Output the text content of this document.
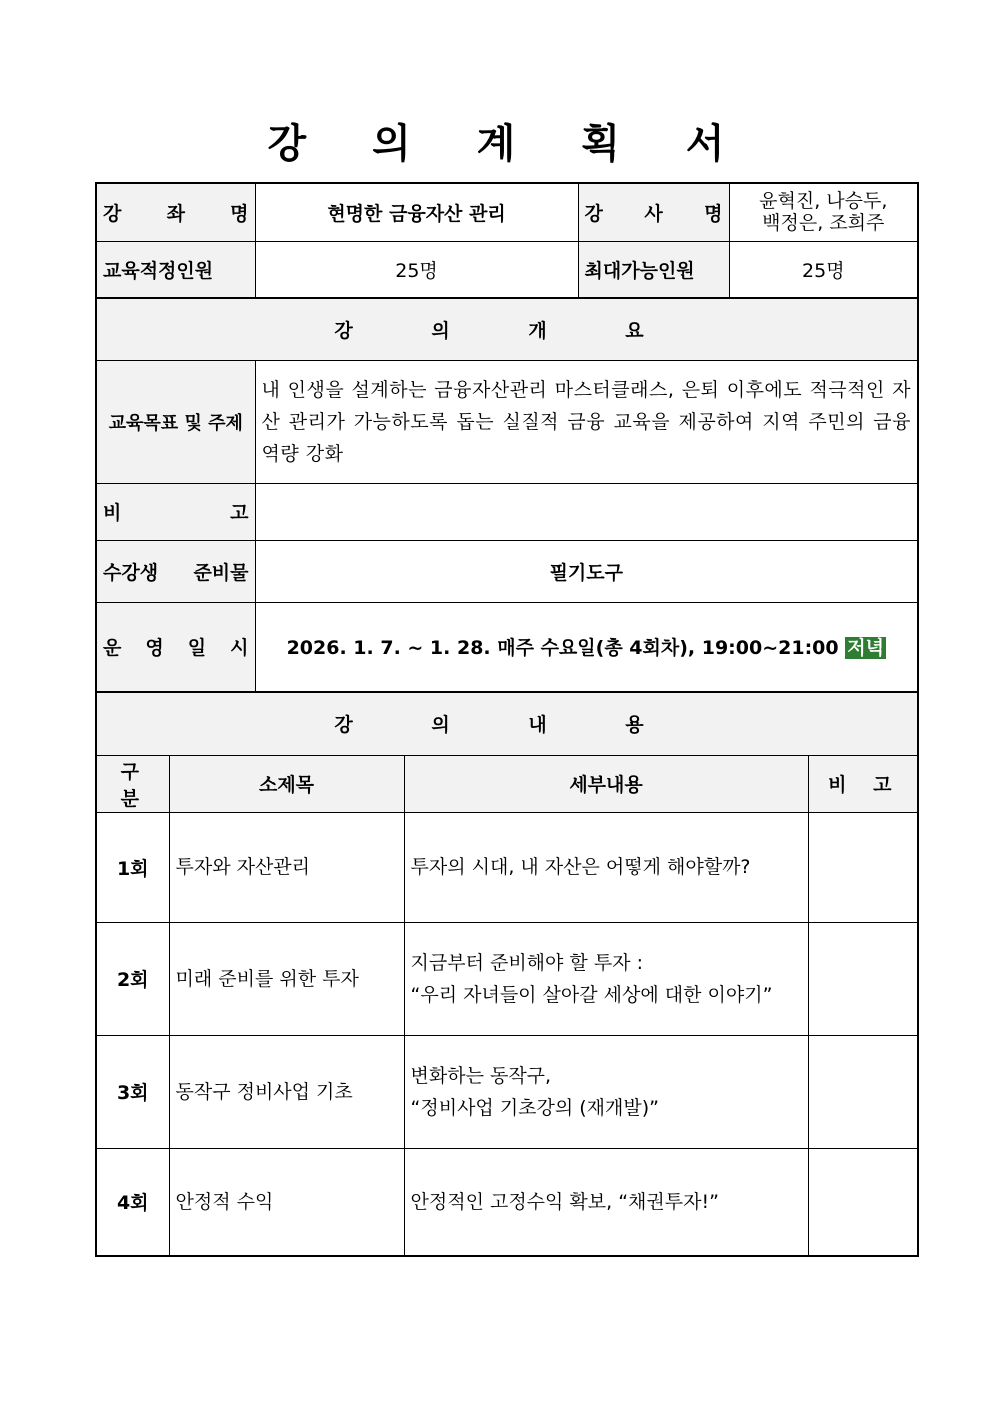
강 의 계 획 서
강 좌 명		현명한 금융자산 관리		강 사 명	윤혁진, 나승두,
백정은, 조희주	

교육적정인원		25명		최대가능인원	25명	
강 의 개 요						
교육목표 및 주제		내 인생을 설계하는 금융자산관리 마스터클래스, 은퇴 이후에도 적극적인 자산 관리가 가능하도록 돕는 실질적 금융 교육을 제공하여 지역 주민의 금융 역량 강화				
비 고						
수강생 준비물		필기도구				
운 영 일 시		2026. 1. 7. ~ 1. 28. 매주 수요일(총 4회차), 19:00~21:00 저녁				
강 의 내 용						
구 분	소제목		세부내용			비 고
1회	투자와 자산관리		투자의 시대, 내 자산은 어떻게 해야할까?			

2회	미래 준비를 위한 투자		지금부터 준비해야 할 투자 :
“우리 자녀들이 살아갈 세상에 대한 이야기”			

3회	동작구 정비사업 기초		변화하는 동작구,
“정비사업 기초강의 (재개발)”			

4회	안정적 수익		안정적인 고정수익 확보, “채권투자!”			
